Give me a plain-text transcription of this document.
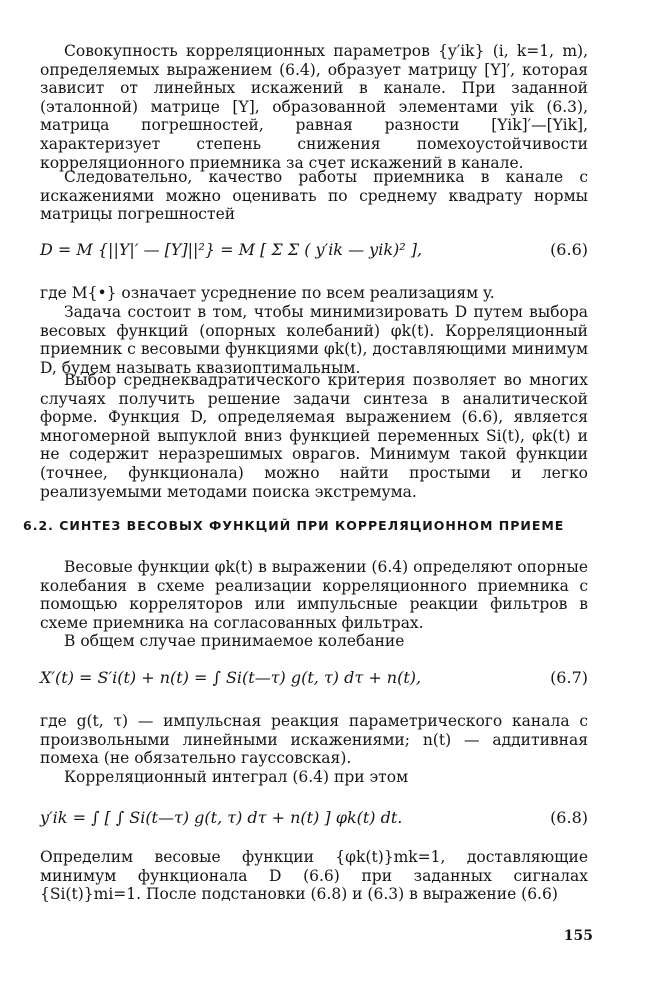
Совокупность корреляционных параметров {y′ik} (i, k=1, m), определяемых выражением (6.4), образует матрицу [Y]′, которая зависит от линейных искажений в канале. При заданной (эталонной) матрице [Y], образованной элементами yik (6.3), матрица погрешностей, равная разности [Yik]′—[Yik], характеризует степень снижения помехоустойчивости корреляционного приемника за счет искажений в канале.

Следовательно, качество работы приемника в канале с искажениями можно оценивать по среднему квадрату нормы матрицы погрешностей

D = M {||Y|′ — [Y]||²} = M [ Σ Σ ( y′ik — yik)² ],	(6.6)

где M{•} означает усреднение по всем реализациям y.

Задача состоит в том, чтобы минимизировать D путем выбора весовых функций (опорных колебаний) φk(t). Корреляционный приемник с весовыми функциями φk(t), доставляющими минимум D, будем называть квазиоптимальным.

Выбор среднеквадратического критерия позволяет во многих случаях получить решение задачи синтеза в аналитической форме. Функция D, определяемая выражением (6.6), является многомерной выпуклой вниз функцией переменных Si(t), φk(t) и не содержит неразрешимых оврагов. Минимум такой функции (точнее, функционала) можно найти простыми и легко реализуемыми методами поиска экстремума.

6.2. СИНТЕЗ ВЕСОВЫХ ФУНКЦИЙ ПРИ КОРРЕЛЯЦИОННОМ ПРИЕМЕ

Весовые функции φk(t) в выражении (6.4) определяют опорные колебания в схеме реализации корреляционного приемника с помощью корреляторов или импульсные реакции фильтров в схеме приемника на согласованных фильтрах.

В общем случае принимаемое колебание

X′(t) = S′i(t) + n(t) = ∫ Si(t—τ) g(t, τ) dτ + n(t),	(6.7)

где g(t, τ) — импульсная реакция параметрического канала с произвольными линейными искажениями; n(t) — аддитивная помеха (не обязательно гауссовская).

Корреляционный интеграл (6.4) при этом

y′ik = ∫ [ ∫ Si(t—τ) g(t, τ) dτ + n(t) ] φk(t) dt.	(6.8)

Определим весовые функции {φk(t)}mk=1, доставляющие минимум функционала D (6.6) при заданных сигналах {Si(t)}mi=1. После подстановки (6.8) и (6.3) в выражение (6.6)

155
